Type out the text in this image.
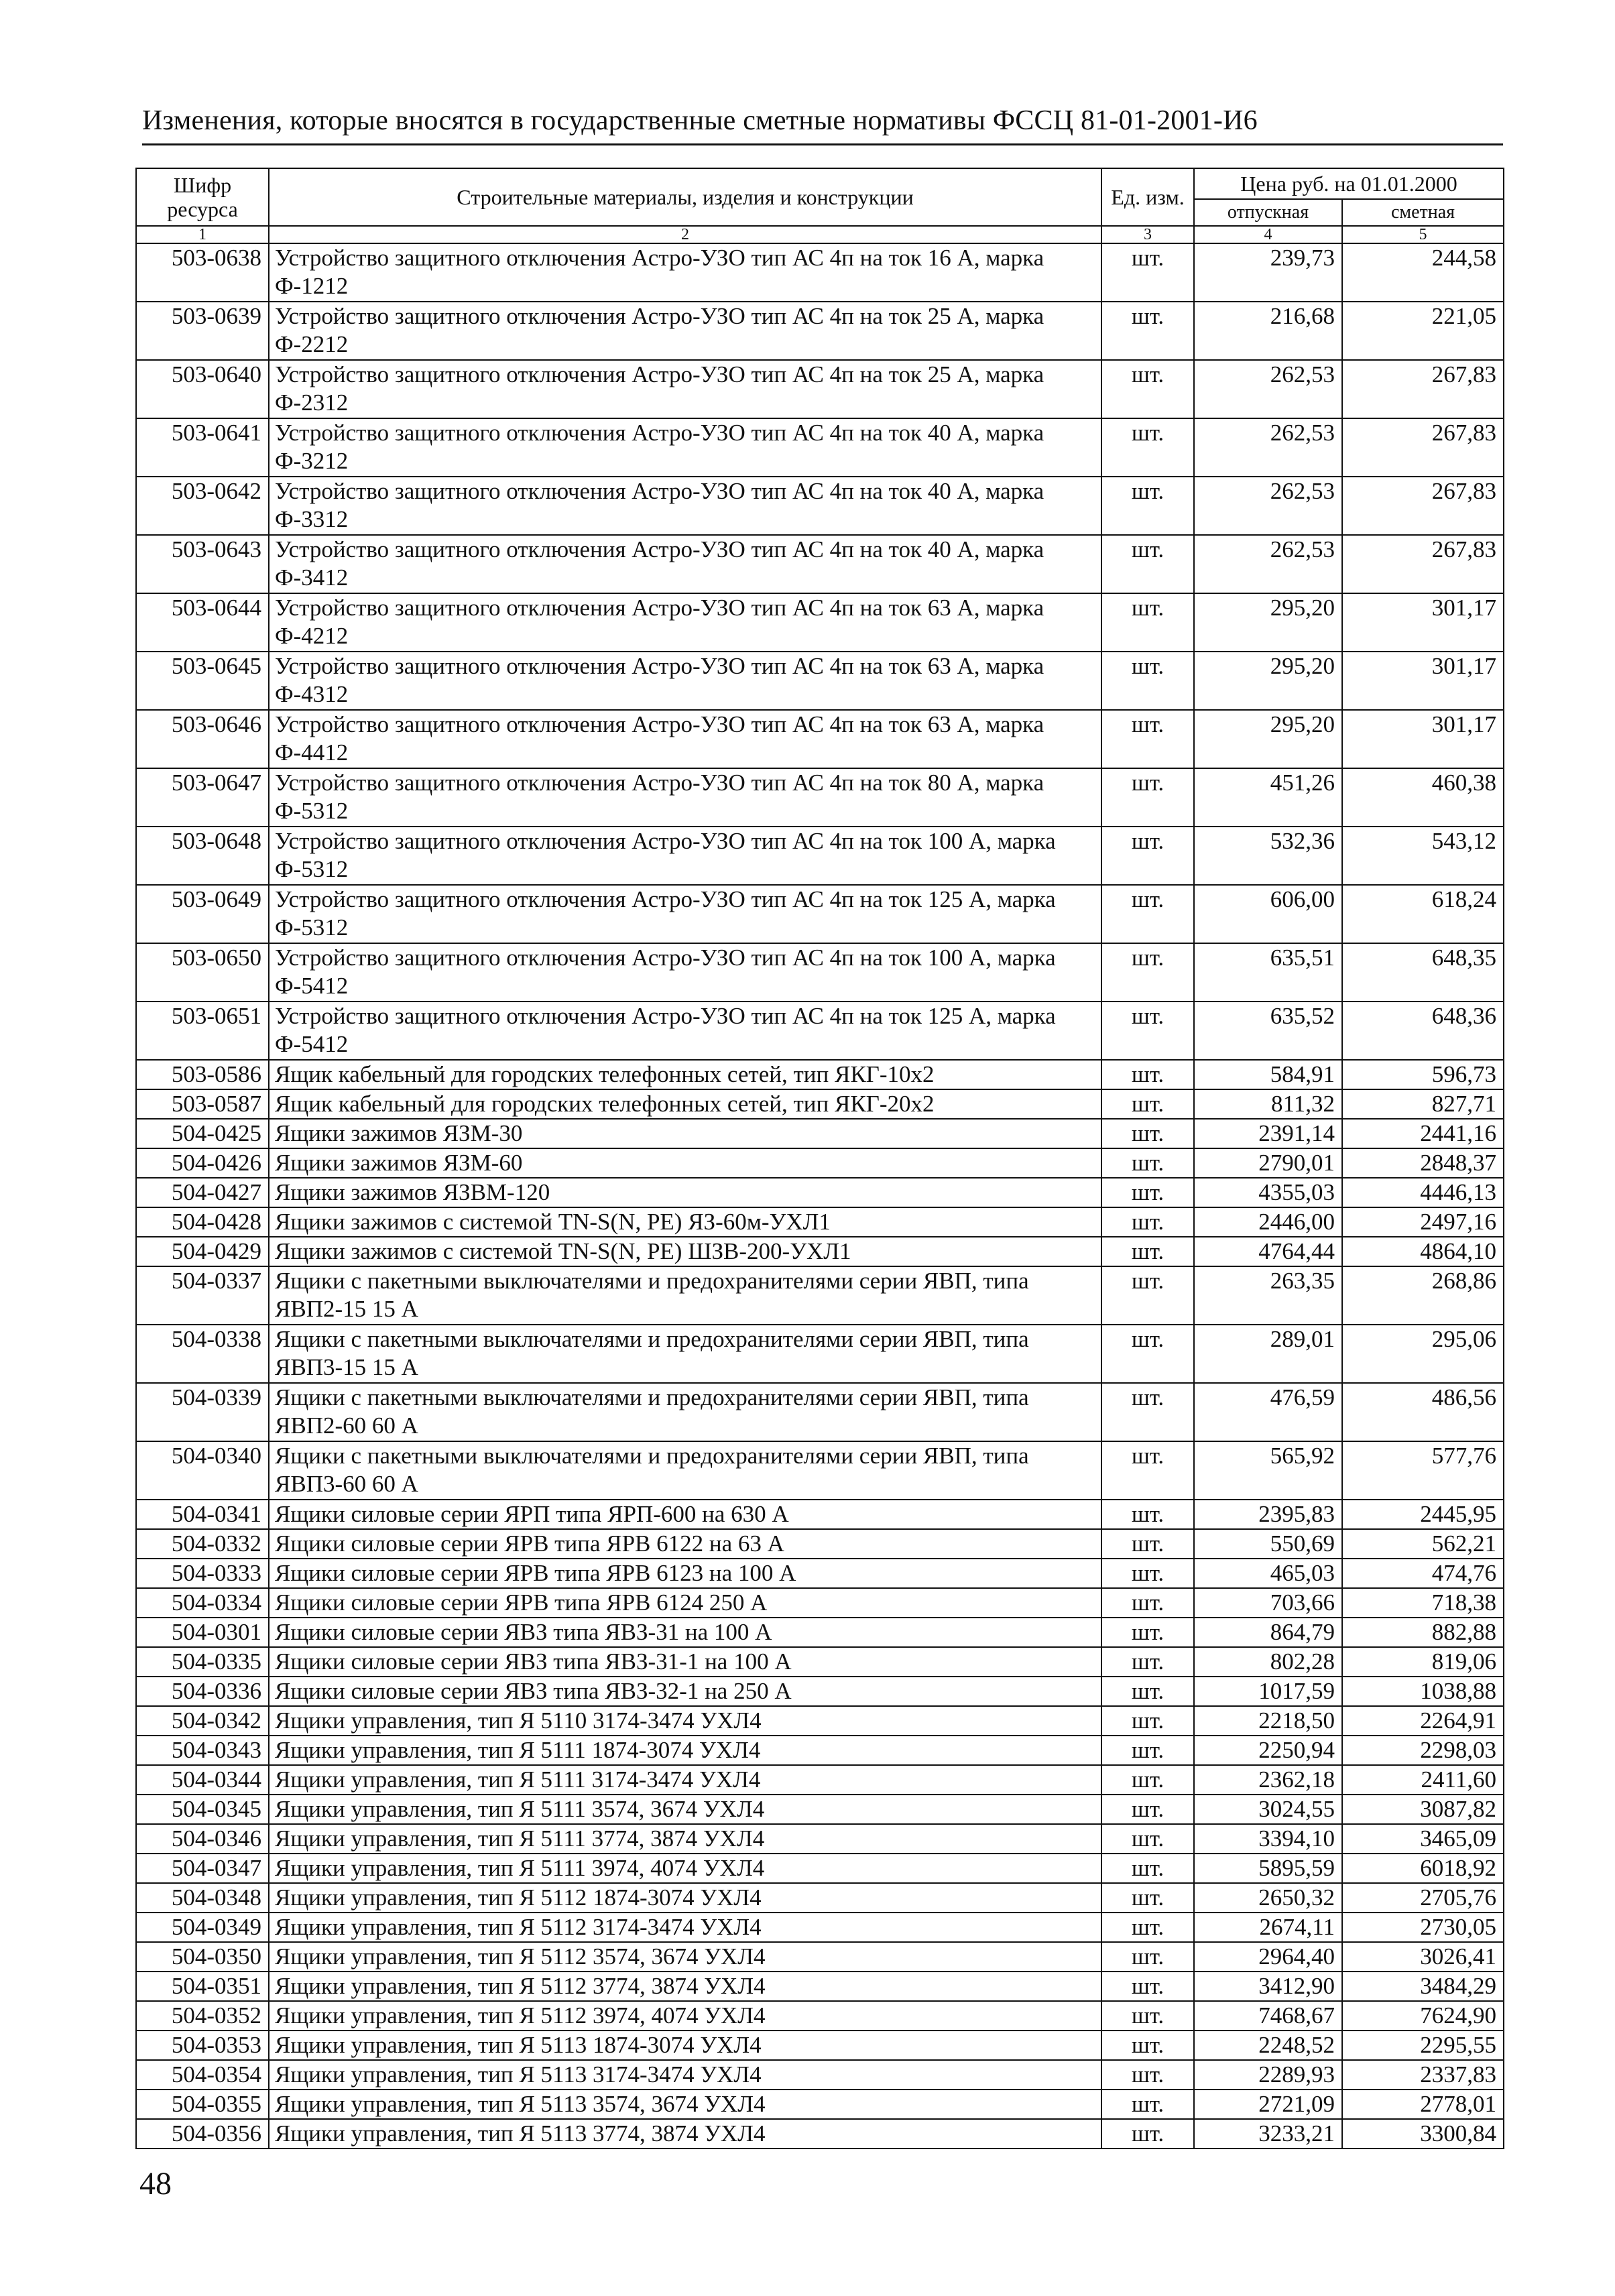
Изменения, которые вносятся в государственные сметные нормативы ФССЦ 81-01-2001-И6
Шифр ресурса	Строительные материалы, изделия и конструкции	Ед. изм.	Цена руб. на 01.01.2000	
			отпускная	сметная
1	2	3	4	5
503-0638	Устройство защитного отключения Астро-УЗО тип АС 4п на ток 16 А, марка Ф-1212	шт.	239,73	244,58
503-0639	Устройство защитного отключения Астро-УЗО тип АС 4п на ток 25 А, марка Ф-2212	шт.	216,68	221,05
503-0640	Устройство защитного отключения Астро-УЗО тип АС 4п на ток 25 А, марка Ф-2312	шт.	262,53	267,83
503-0641	Устройство защитного отключения Астро-УЗО тип АС 4п на ток 40 А, марка Ф-3212	шт.	262,53	267,83
503-0642	Устройство защитного отключения Астро-УЗО тип АС 4п на ток 40 А, марка Ф-3312	шт.	262,53	267,83
503-0643	Устройство защитного отключения Астро-УЗО тип АС 4п на ток 40 А, марка Ф-3412	шт.	262,53	267,83
503-0644	Устройство защитного отключения Астро-УЗО тип АС 4п на ток 63 А, марка Ф-4212	шт.	295,20	301,17
503-0645	Устройство защитного отключения Астро-УЗО тип АС 4п на ток 63 А, марка Ф-4312	шт.	295,20	301,17
503-0646	Устройство защитного отключения Астро-УЗО тип АС 4п на ток 63 А, марка Ф-4412	шт.	295,20	301,17
503-0647	Устройство защитного отключения Астро-УЗО тип АС 4п на ток 80 А, марка Ф-5312	шт.	451,26	460,38
503-0648	Устройство защитного отключения Астро-УЗО тип АС 4п на ток 100 А, марка Ф-5312	шт.	532,36	543,12
503-0649	Устройство защитного отключения Астро-УЗО тип АС 4п на ток 125 А, марка Ф-5312	шт.	606,00	618,24
503-0650	Устройство защитного отключения Астро-УЗО тип АС 4п на ток 100 А, марка Ф-5412	шт.	635,51	648,35
503-0651	Устройство защитного отключения Астро-УЗО тип АС 4п на ток 125 А, марка Ф-5412	шт.	635,52	648,36
503-0586	Ящик кабельный для городских телефонных сетей, тип ЯКГ-10х2	шт.	584,91	596,73
503-0587	Ящик кабельный для городских телефонных сетей, тип ЯКГ-20х2	шт.	811,32	827,71
504-0425	Ящики зажимов ЯЗМ-30	шт.	2391,14	2441,16
504-0426	Ящики зажимов ЯЗМ-60	шт.	2790,01	2848,37
504-0427	Ящики зажимов ЯЗВМ-120	шт.	4355,03	4446,13
504-0428	Ящики зажимов с системой TN-S(N, PE) ЯЗ-60м-УХЛ1	шт.	2446,00	2497,16
504-0429	Ящики зажимов с системой TN-S(N, PE) ШЗВ-200-УХЛ1	шт.	4764,44	4864,10
504-0337	Ящики с пакетными выключателями и предохранителями серии ЯВП, типа ЯВП2-15 15 А	шт.	263,35	268,86
504-0338	Ящики с пакетными выключателями и предохранителями серии ЯВП, типа ЯВП3-15 15 А	шт.	289,01	295,06
504-0339	Ящики с пакетными выключателями и предохранителями серии ЯВП, типа ЯВП2-60 60 А	шт.	476,59	486,56
504-0340	Ящики с пакетными выключателями и предохранителями серии ЯВП, типа ЯВП3-60 60 А	шт.	565,92	577,76
504-0341	Ящики силовые серии ЯРП типа ЯРП-600 на 630 А	шт.	2395,83	2445,95
504-0332	Ящики силовые серии ЯРВ типа ЯРВ 6122 на 63 А	шт.	550,69	562,21
504-0333	Ящики силовые серии ЯРВ типа ЯРВ 6123 на 100 А	шт.	465,03	474,76
504-0334	Ящики силовые серии ЯРВ типа ЯРВ 6124 250 А	шт.	703,66	718,38
504-0301	Ящики силовые серии ЯВЗ типа ЯВЗ-31 на 100 А	шт.	864,79	882,88
504-0335	Ящики силовые серии ЯВЗ типа ЯВЗ-31-1 на 100 А	шт.	802,28	819,06
504-0336	Ящики силовые серии ЯВЗ типа ЯВЗ-32-1 на 250 А	шт.	1017,59	1038,88
504-0342	Ящики управления, тип Я 5110 3174-3474 УХЛ4	шт.	2218,50	2264,91
504-0343	Ящики управления, тип Я 5111 1874-3074 УХЛ4	шт.	2250,94	2298,03
504-0344	Ящики управления, тип Я 5111 3174-3474 УХЛ4	шт.	2362,18	2411,60
504-0345	Ящики управления, тип Я 5111 3574, 3674 УХЛ4	шт.	3024,55	3087,82
504-0346	Ящики управления, тип Я 5111 3774, 3874 УХЛ4	шт.	3394,10	3465,09
504-0347	Ящики управления, тип Я 5111 3974, 4074 УХЛ4	шт.	5895,59	6018,92
504-0348	Ящики управления, тип Я 5112 1874-3074 УХЛ4	шт.	2650,32	2705,76
504-0349	Ящики управления, тип Я 5112 3174-3474 УХЛ4	шт.	2674,11	2730,05
504-0350	Ящики управления, тип Я 5112 3574, 3674 УХЛ4	шт.	2964,40	3026,41
504-0351	Ящики управления, тип Я 5112 3774, 3874 УХЛ4	шт.	3412,90	3484,29
504-0352	Ящики управления, тип Я 5112 3974, 4074 УХЛ4	шт.	7468,67	7624,90
504-0353	Ящики управления, тип Я 5113 1874-3074 УХЛ4	шт.	2248,52	2295,55
504-0354	Ящики управления, тип Я 5113 3174-3474 УХЛ4	шт.	2289,93	2337,83
504-0355	Ящики управления, тип Я 5113 3574, 3674 УХЛ4	шт.	2721,09	2778,01
504-0356	Ящики управления, тип Я 5113 3774, 3874 УХЛ4	шт.	3233,21	3300,84
48
